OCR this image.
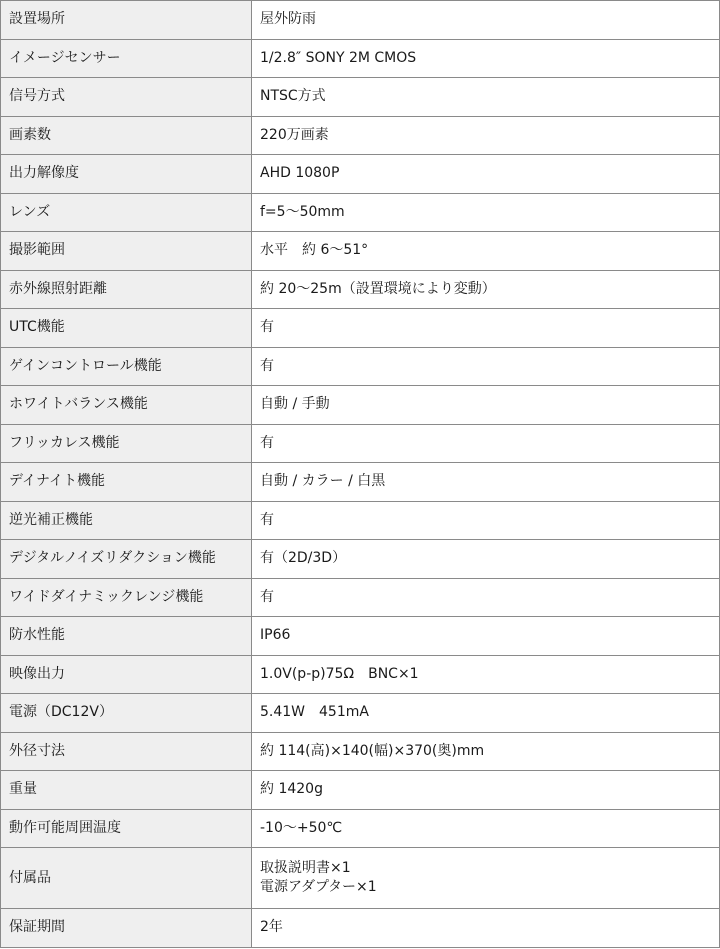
設置場所	屋外防雨
イメージセンサー	1/2.8″ SONY 2M CMOS
信号方式	NTSC方式
画素数	220万画素
出力解像度	AHD 1080P
レンズ	f=5～50mm
撮影範囲	水平　約 6～51°
赤外線照射距離	約 20～25m（設置環境により変動）
UTC機能	有
ゲインコントロール機能	有
ホワイトバランス機能	自動 / 手動
フリッカレス機能	有
デイナイト機能	自動 / カラー / 白黒
逆光補正機能	有
デジタルノイズリダクション機能	有（2D/3D）
ワイドダイナミックレンジ機能	有
防水性能	IP66
映像出力	1.0V(p-p)75Ω　BNC×1
電源（DC12V）	5.41W　451mA
外径寸法	約 114(高)×140(幅)×370(奥)mm
重量	約 1420g
動作可能周囲温度	-10～+50℃
付属品	取扱説明書×1
電源アダプター×1

保証期間	2年
